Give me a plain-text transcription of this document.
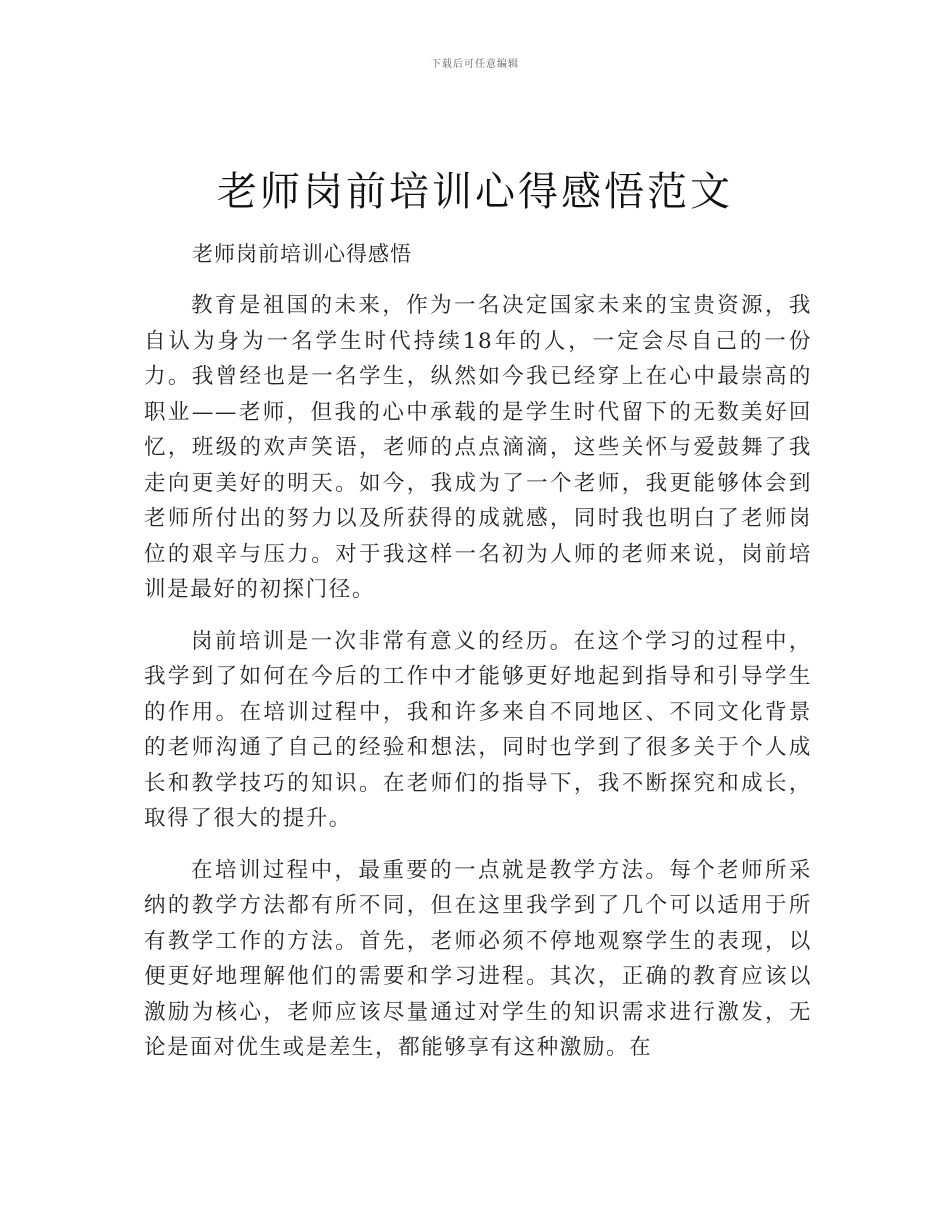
下载后可任意编辑
老师岗前培训心得感悟范文

老师岗前培训心得感悟

教育是祖国的未来，作为一名决定国家未来的宝贵资源，我自认为身为一名学生时代持续18年的人，一定会尽自己的一份力。我曾经也是一名学生，纵然如今我已经穿上在心中最崇高的职业——老师，但我的心中承载的是学生时代留下的无数美好回忆，班级的欢声笑语，老师的点点滴滴，这些关怀与爱鼓舞了我走向更美好的明天。如今，我成为了一个老师，我更能够体会到老师所付出的努力以及所获得的成就感，同时我也明白了老师岗位的艰辛与压力。对于我这样一名初为人师的老师来说，岗前培训是最好的初探门径。

岗前培训是一次非常有意义的经历。在这个学习的过程中，我学到了如何在今后的工作中才能够更好地起到指导和引导学生的作用。在培训过程中，我和许多来自不同地区、不同文化背景的老师沟通了自己的经验和想法，同时也学到了很多关于个人成长和教学技巧的知识。在老师们的指导下，我不断探究和成长，取得了很大的提升。

在培训过程中，最重要的一点就是教学方法。每个老师所采纳的教学方法都有所不同，但在这里我学到了几个可以适用于所有教学工作的方法。首先，老师必须不停地观察学生的表现，以便更好地理解他们的需要和学习进程。其次，正确的教育应该以激励为核心，老师应该尽量通过对学生的知识需求进行激发，无论是面对优生或是差生，都能够享有这种激励。在
